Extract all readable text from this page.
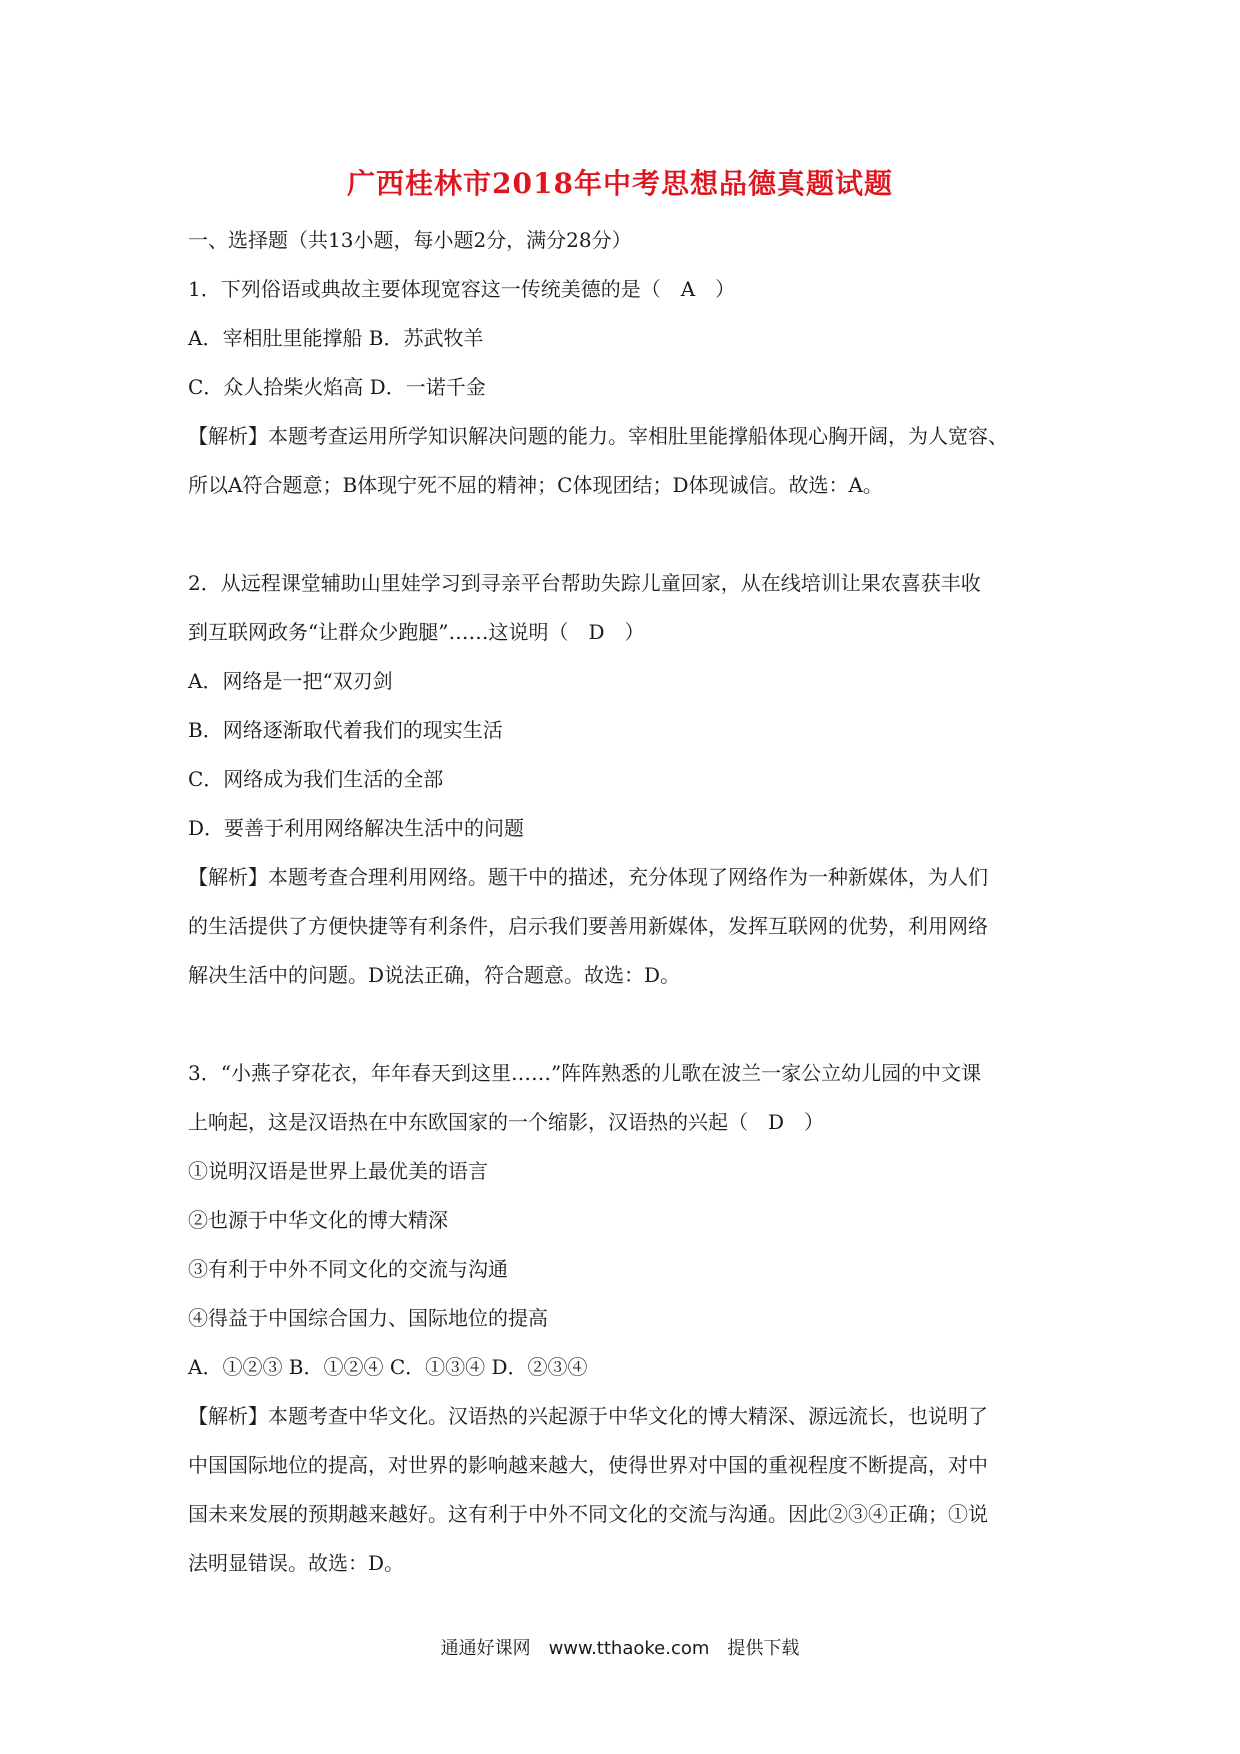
广西桂林市2018年中考思想品德真题试题
一、选择题（共13小题，每小题2分，满分28分）
1．下列俗语或典故主要体现宽容这一传统美德的是（　A　）
A．宰相肚里能撑船 B．苏武牧羊
C．众人拾柴火焰高 D．一诺千金
【解析】本题考查运用所学知识解决问题的能力。宰相肚里能撑船体现心胸开阔，为人宽容、
所以A符合题意；B体现宁死不屈的精神；C体现团结；D体现诚信。故选：A。
2．从远程课堂辅助山里娃学习到寻亲平台帮助失踪儿童回家，从在线培训让果农喜获丰收
到互联网政务“让群众少跑腿”……这说明（　D　）
A．网络是一把“双刃剑
B．网络逐渐取代着我们的现实生活
C．网络成为我们生活的全部
D．要善于利用网络解决生活中的问题
【解析】本题考查合理利用网络。题干中的描述，充分体现了网络作为一种新媒体，为人们
的生活提供了方便快捷等有利条件，启示我们要善用新媒体，发挥互联网的优势，利用网络
解决生活中的问题。D说法正确，符合题意。故选：D。
3．“小燕子穿花衣，年年春天到这里……”阵阵熟悉的儿歌在波兰一家公立幼儿园的中文课
上响起，这是汉语热在中东欧国家的一个缩影，汉语热的兴起（　D　）
①说明汉语是世界上最优美的语言
②也源于中华文化的博大精深
③有利于中外不同文化的交流与沟通
④得益于中国综合国力、国际地位的提高
A．①②③ B．①②④ C．①③④ D．②③④
【解析】本题考查中华文化。汉语热的兴起源于中华文化的博大精深、源远流长，也说明了
中国国际地位的提高，对世界的影响越来越大，使得世界对中国的重视程度不断提高，对中
国未来发展的预期越来越好。这有利于中外不同文化的交流与沟通。因此②③④正确；①说
法明显错误。故选：D。
通通好课网　www.tthaoke.com　提供下载
